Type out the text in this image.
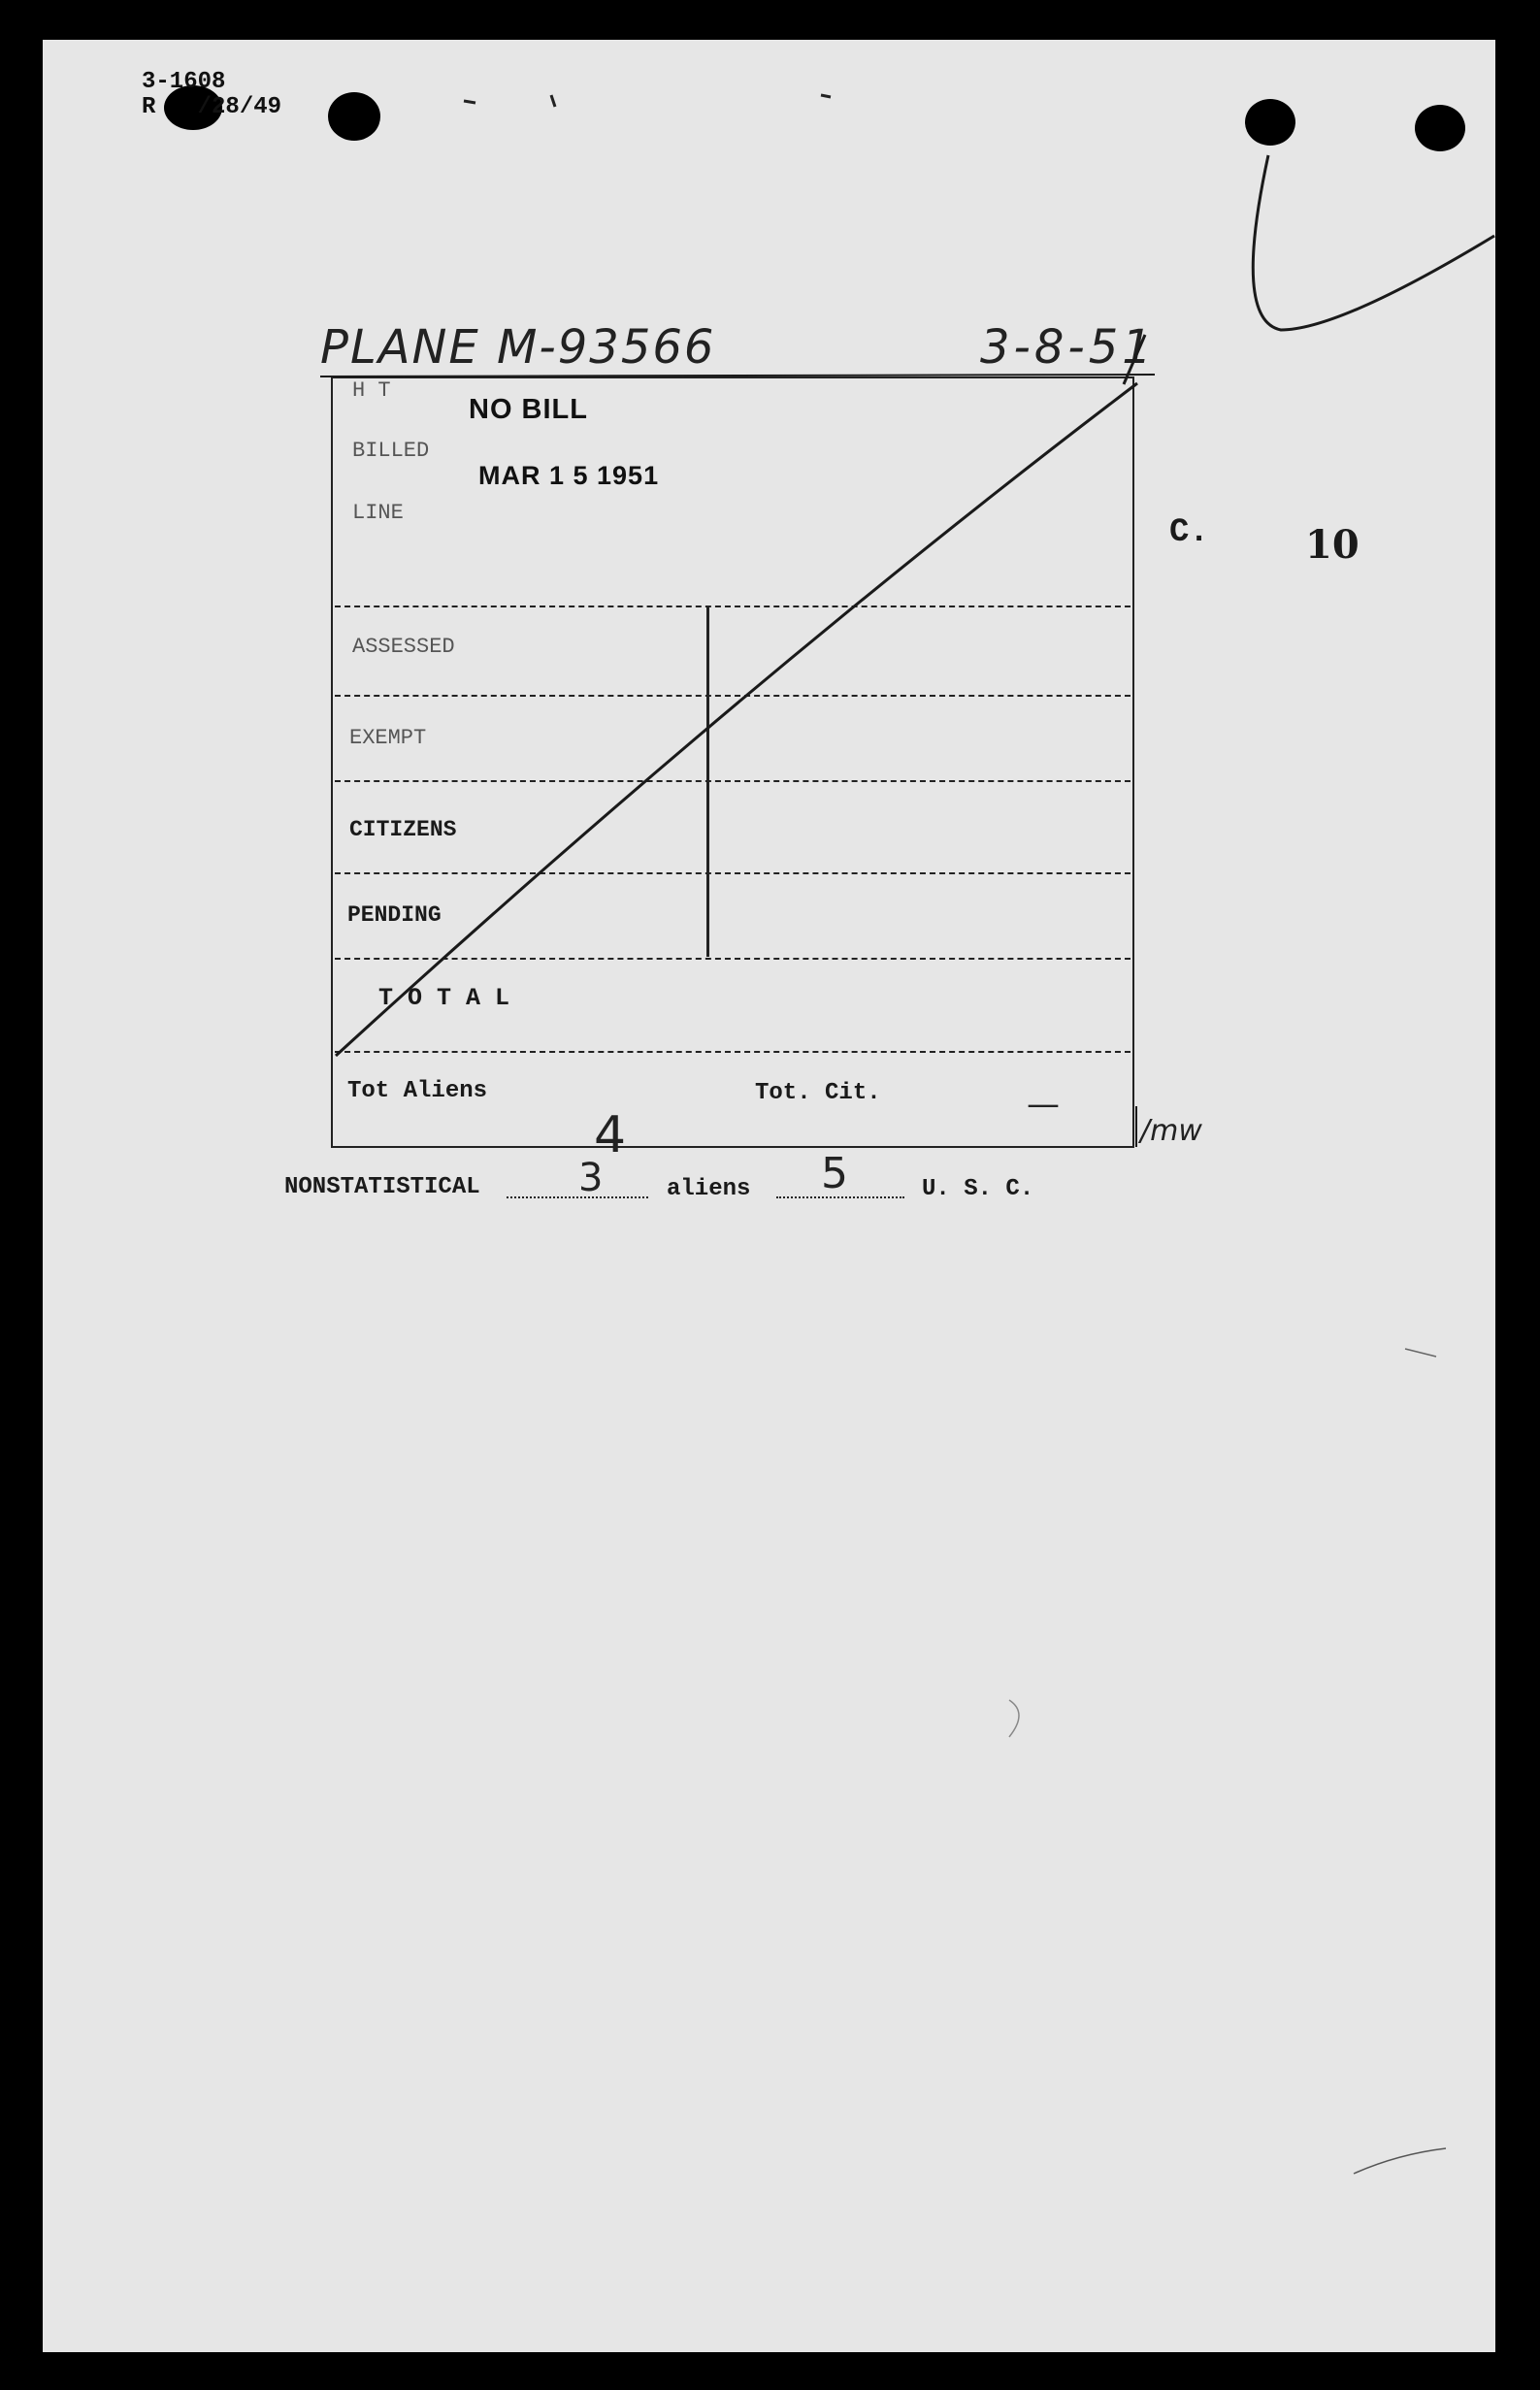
3-1608
R   /28/49
PLANE M-93566	3-8-51
C. 10
H T
BILLED
LINE
NO BILL
MAR 1 5 1951
ASSESSED
EXEMPT
CITIZENS
PENDING
T O T A L
Tot Aliens	Tot. Cit.	—
/mw
NONSTATISTICAL
4
3	aliens 5	U. S. C.
